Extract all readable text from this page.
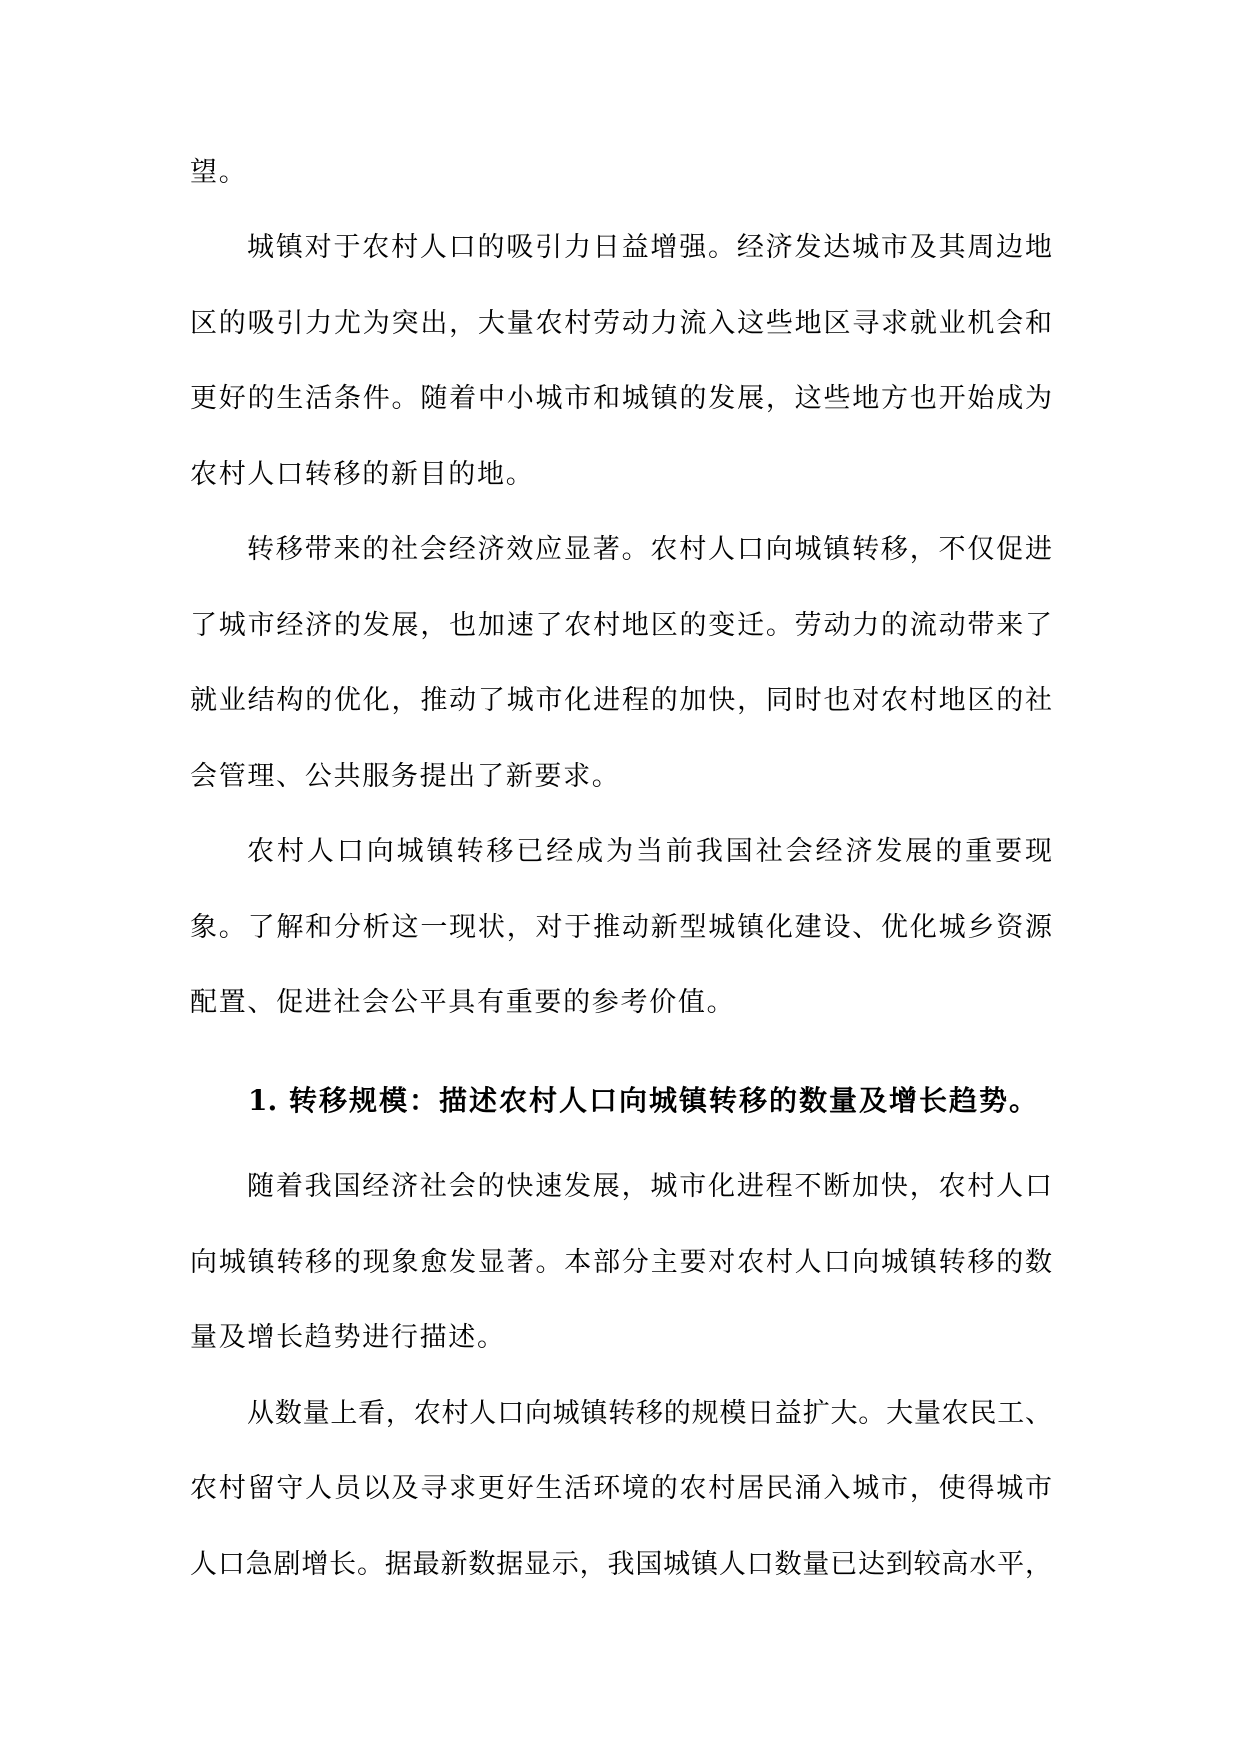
望。
城镇对于农村人口的吸引力日益增强。经济发达城市及其周边地
区的吸引力尤为突出，大量农村劳动力流入这些地区寻求就业机会和
更好的生活条件。随着中小城市和城镇的发展，这些地方也开始成为
农村人口转移的新目的地。
转移带来的社会经济效应显著。农村人口向城镇转移，不仅促进
了城市经济的发展，也加速了农村地区的变迁。劳动力的流动带来了
就业结构的优化，推动了城市化进程的加快，同时也对农村地区的社
会管理、公共服务提出了新要求。
农村人口向城镇转移已经成为当前我国社会经济发展的重要现
象。了解和分析这一现状，对于推动新型城镇化建设、优化城乡资源
配置、促进社会公平具有重要的参考价值。
1. 转移规模：描述农村人口向城镇转移的数量及增长趋势。
随着我国经济社会的快速发展，城市化进程不断加快，农村人口
向城镇转移的现象愈发显著。本部分主要对农村人口向城镇转移的数
量及增长趋势进行描述。
从数量上看，农村人口向城镇转移的规模日益扩大。大量农民工、
农村留守人员以及寻求更好生活环境的农村居民涌入城市，使得城市
人口急剧增长。据最新数据显示，我国城镇人口数量已达到较高水平，
